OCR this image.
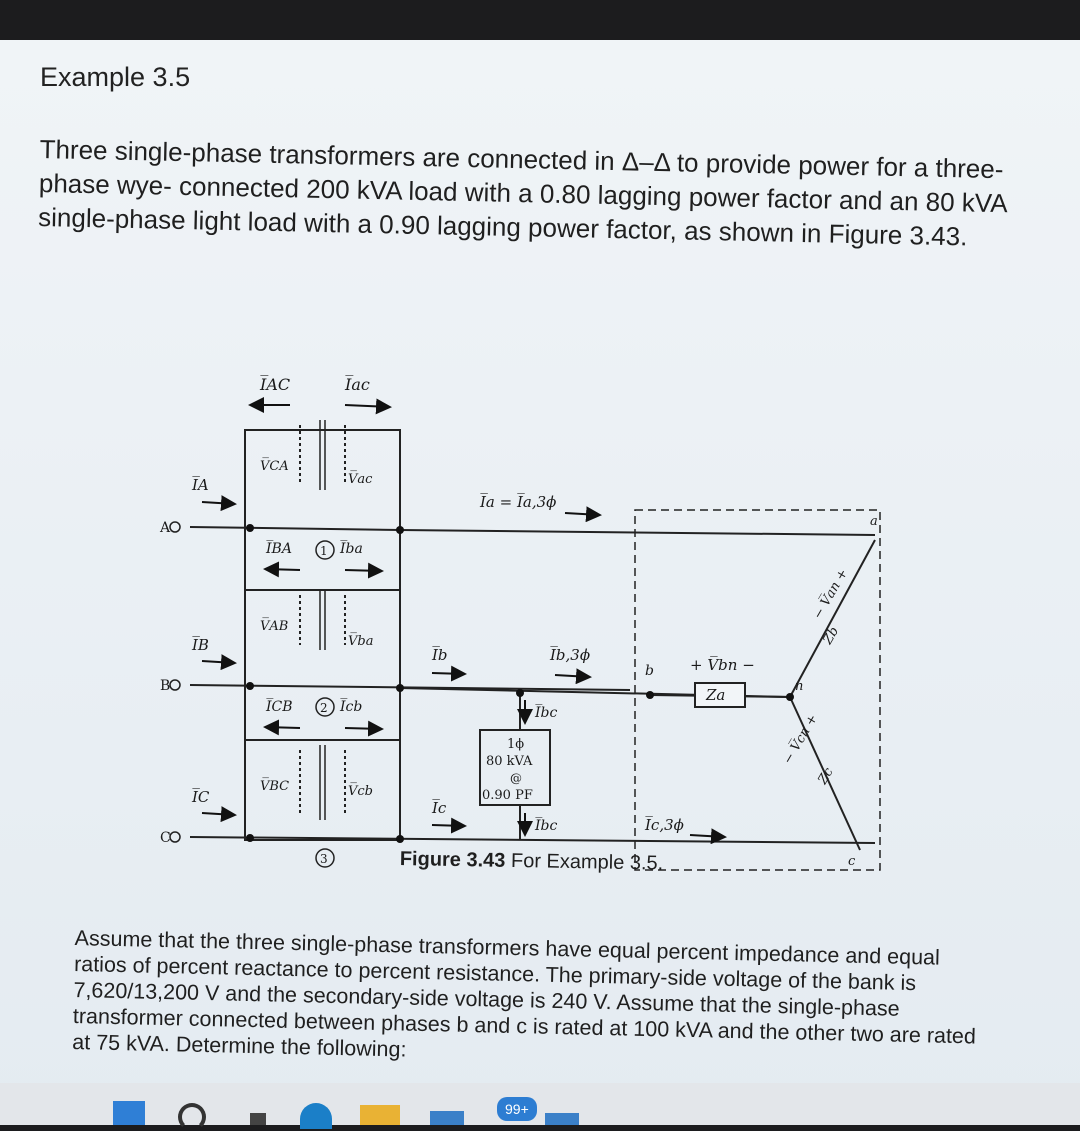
Example 3.5
Three single-phase transformers are connected in Δ–Δ to provide power for a three-phase wye- connected 200 kVA load with a 0.80 lagging power factor and an 80 kVA single-phase light load with a 0.90 lagging power factor, as shown in Figure 3.43.
I̅AC	I̅ac
I̅A
I̅B
I̅C
A
B
C
V̅CA
V̅ac
V̅AB
V̅ba
V̅BC	V̅cb
I̅BA	I̅ba
I̅CB	I̅cb
1
2
3
I̅a = I̅a,3ϕ
I̅b	I̅b,3ϕ
I̅c
I̅c,3ϕ
I̅bc
I̅bc
1ϕ
80 kVA
@
0.90 PF
a
b
c
n
+ V̅bn −
Za
− V̅an +
Zb
− V̅cn +
Zc
Figure 3.43 For Example 3.5.
Assume that the three single-phase transformers have equal percent impedance and equal ratios of percent reactance to percent resistance. The primary-side voltage of the bank is 7,620/13,200 V and the secondary-side voltage is 240 V. Assume that the single-phase transformer connected between phases b and c is rated at 100 kVA and the other two are rated at 75 kVA. Determine the following:
99+
